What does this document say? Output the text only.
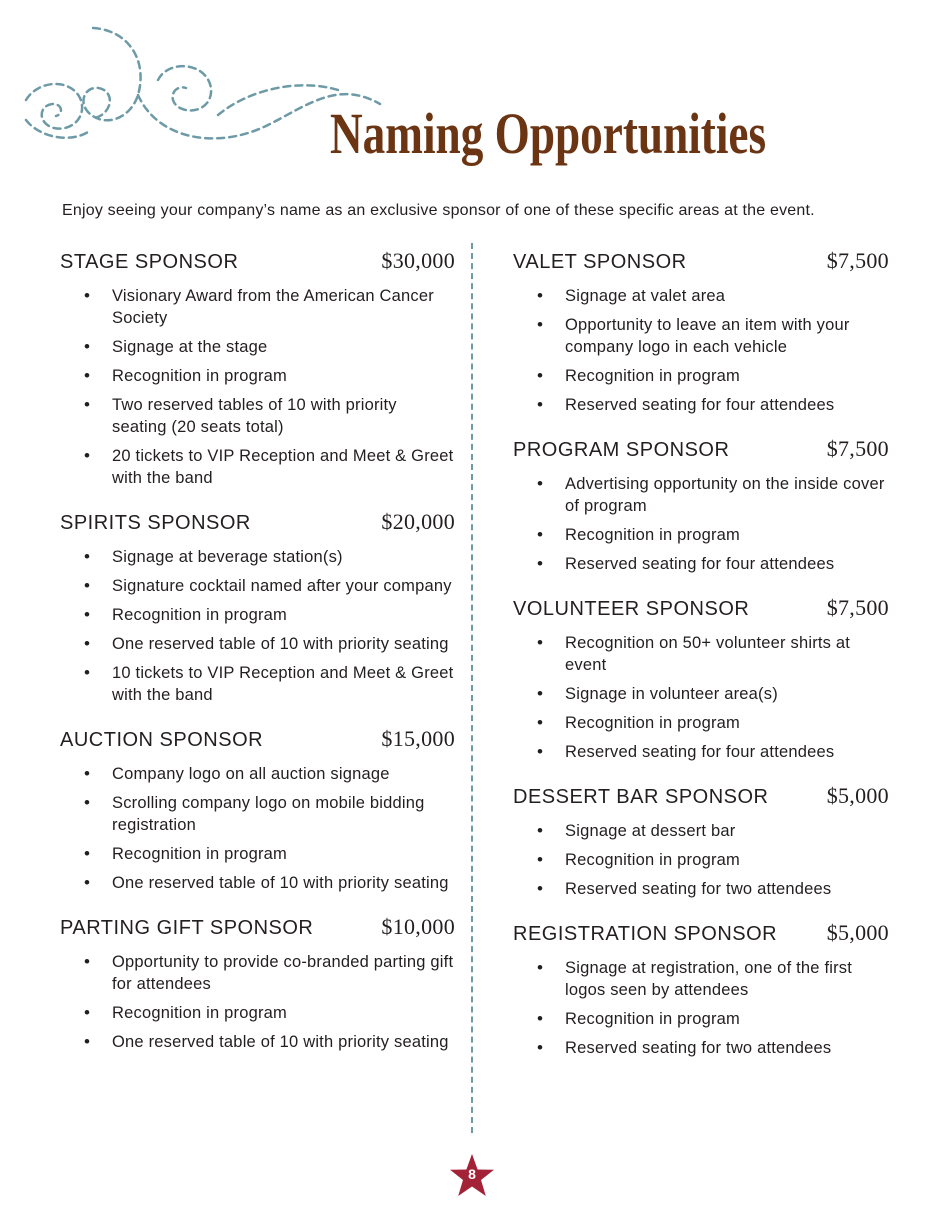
Naming Opportunities
Enjoy seeing your company’s name as an exclusive sponsor of one of these specific areas at the event.
STAGE SPONSOR	$30,000
• Visionary Award from the American Cancer Society
• Signage at the stage
• Recognition in program
• Two reserved tables of 10 with priority seating (20 seats total)
• 20 tickets to VIP Reception and Meet & Greet with the band
SPIRITS SPONSOR	$20,000
• Signage at beverage station(s)
• Signature cocktail named after your company
• Recognition in program
• One reserved table of 10 with priority seating
• 10 tickets to VIP Reception and Meet & Greet with the band
AUCTION SPONSOR	$15,000
• Company logo on all auction signage
• Scrolling company logo on mobile bidding registration
• Recognition in program
• One reserved table of 10 with priority seating
PARTING GIFT SPONSOR	$10,000
• Opportunity to provide co-branded parting gift for attendees
• Recognition in program
• One reserved table of 10 with priority seating
VALET SPONSOR	$7,500
• Signage at valet area
• Opportunity to leave an item with your company logo in each vehicle
• Recognition in program
• Reserved seating for four attendees
PROGRAM SPONSOR	$7,500
• Advertising opportunity on the inside cover of program
• Recognition in program
• Reserved seating for four attendees
VOLUNTEER SPONSOR	$7,500
• Recognition on 50+ volunteer shirts at event
• Signage in volunteer area(s)
• Recognition in program
• Reserved seating for four attendees
DESSERT BAR SPONSOR	$5,000
• Signage at dessert bar
• Recognition in program
• Reserved seating for two attendees
REGISTRATION SPONSOR $5,000
• Signage at registration, one of the first logos seen by attendees
• Recognition in program
• Reserved seating for two attendees
8
